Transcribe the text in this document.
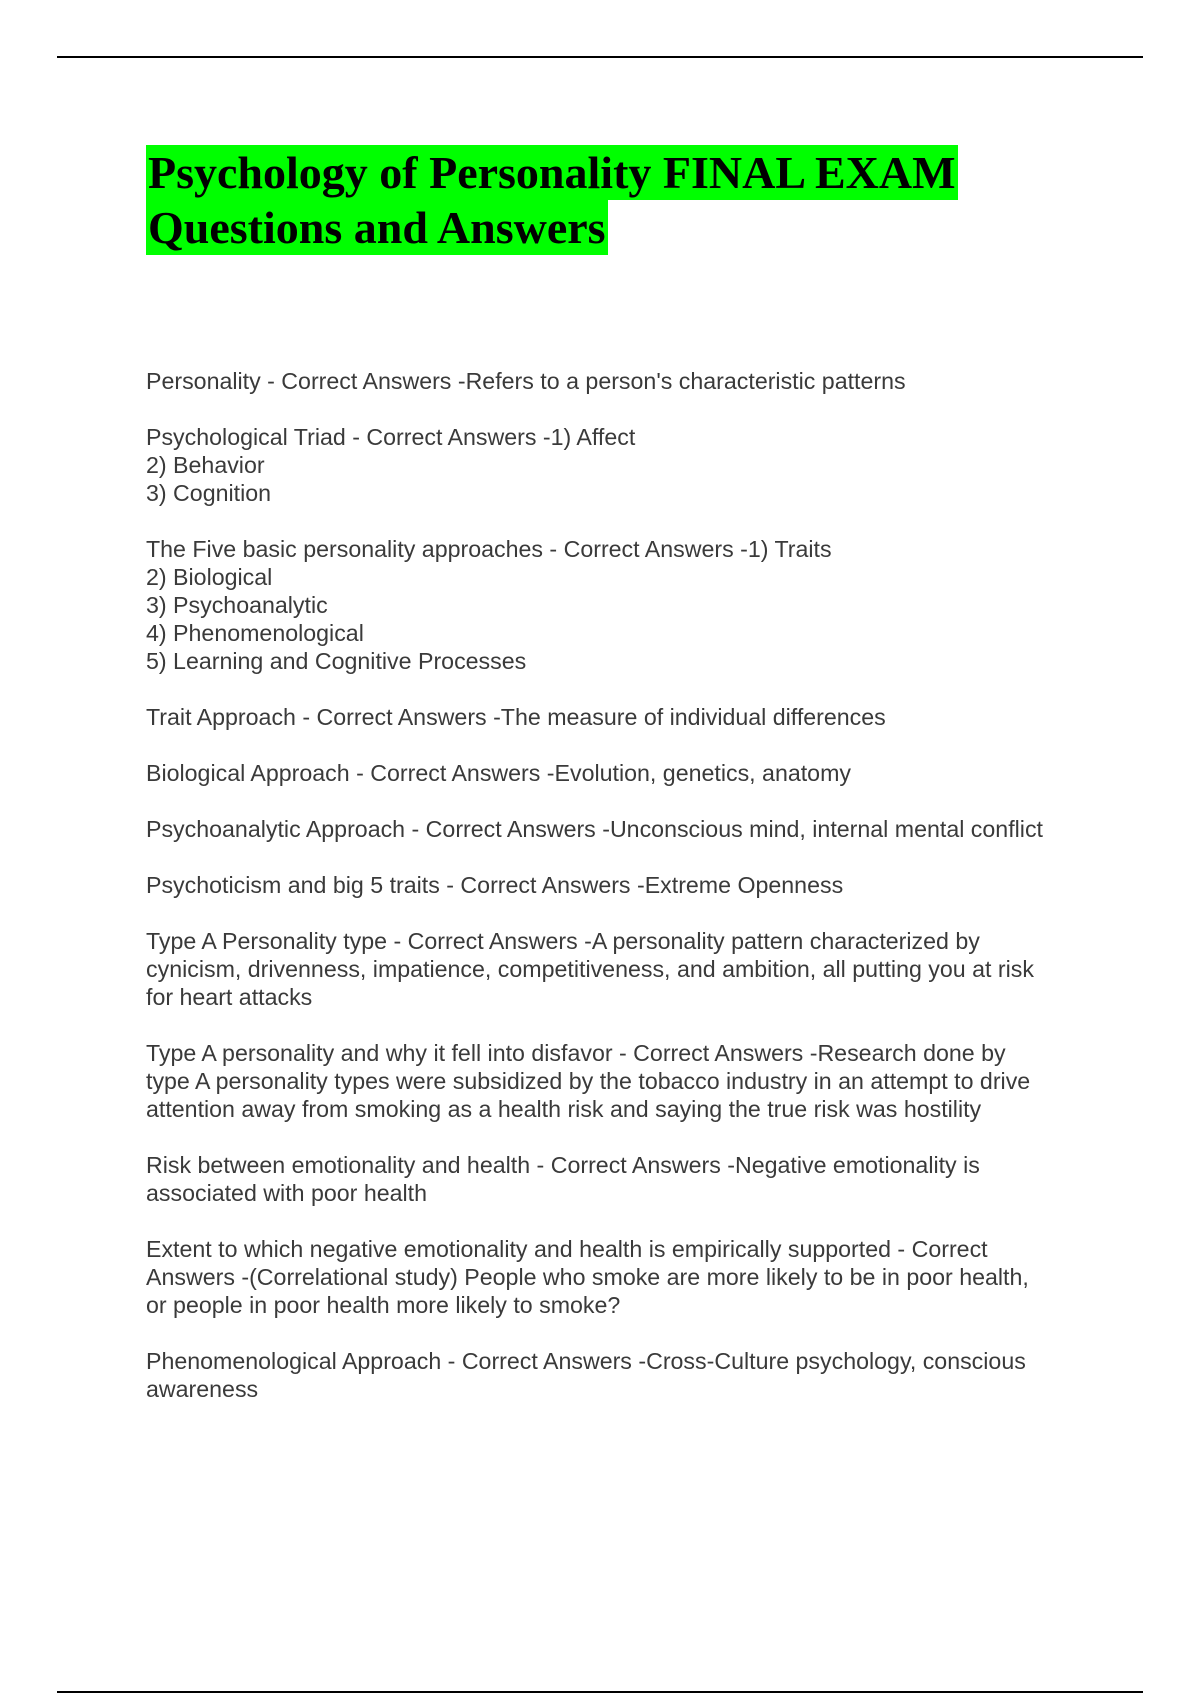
Psychology of Personality FINAL EXAM
Questions and Answers
Personality - Correct Answers -Refers to a person's characteristic patterns
Psychological Triad - Correct Answers -1) Affect
2) Behavior
3) Cognition
The Five basic personality approaches - Correct Answers -1) Traits
2) Biological
3) Psychoanalytic
4) Phenomenological
5) Learning and Cognitive Processes
Trait Approach - Correct Answers -The measure of individual differences
Biological Approach - Correct Answers -Evolution, genetics, anatomy
Psychoanalytic Approach - Correct Answers -Unconscious mind, internal mental conflict
Psychoticism and big 5 traits - Correct Answers -Extreme Openness
Type A Personality type - Correct Answers -A personality pattern characterized by
cynicism, drivenness, impatience, competitiveness, and ambition, all putting you at risk
for heart attacks
Type A personality and why it fell into disfavor - Correct Answers -Research done by
type A personality types were subsidized by the tobacco industry in an attempt to drive
attention away from smoking as a health risk and saying the true risk was hostility
Risk between emotionality and health - Correct Answers -Negative emotionality is
associated with poor health
Extent to which negative emotionality and health is empirically supported - Correct
Answers -(Correlational study) People who smoke are more likely to be in poor health,
or people in poor health more likely to smoke?
Phenomenological Approach - Correct Answers -Cross-Culture psychology, conscious
awareness
